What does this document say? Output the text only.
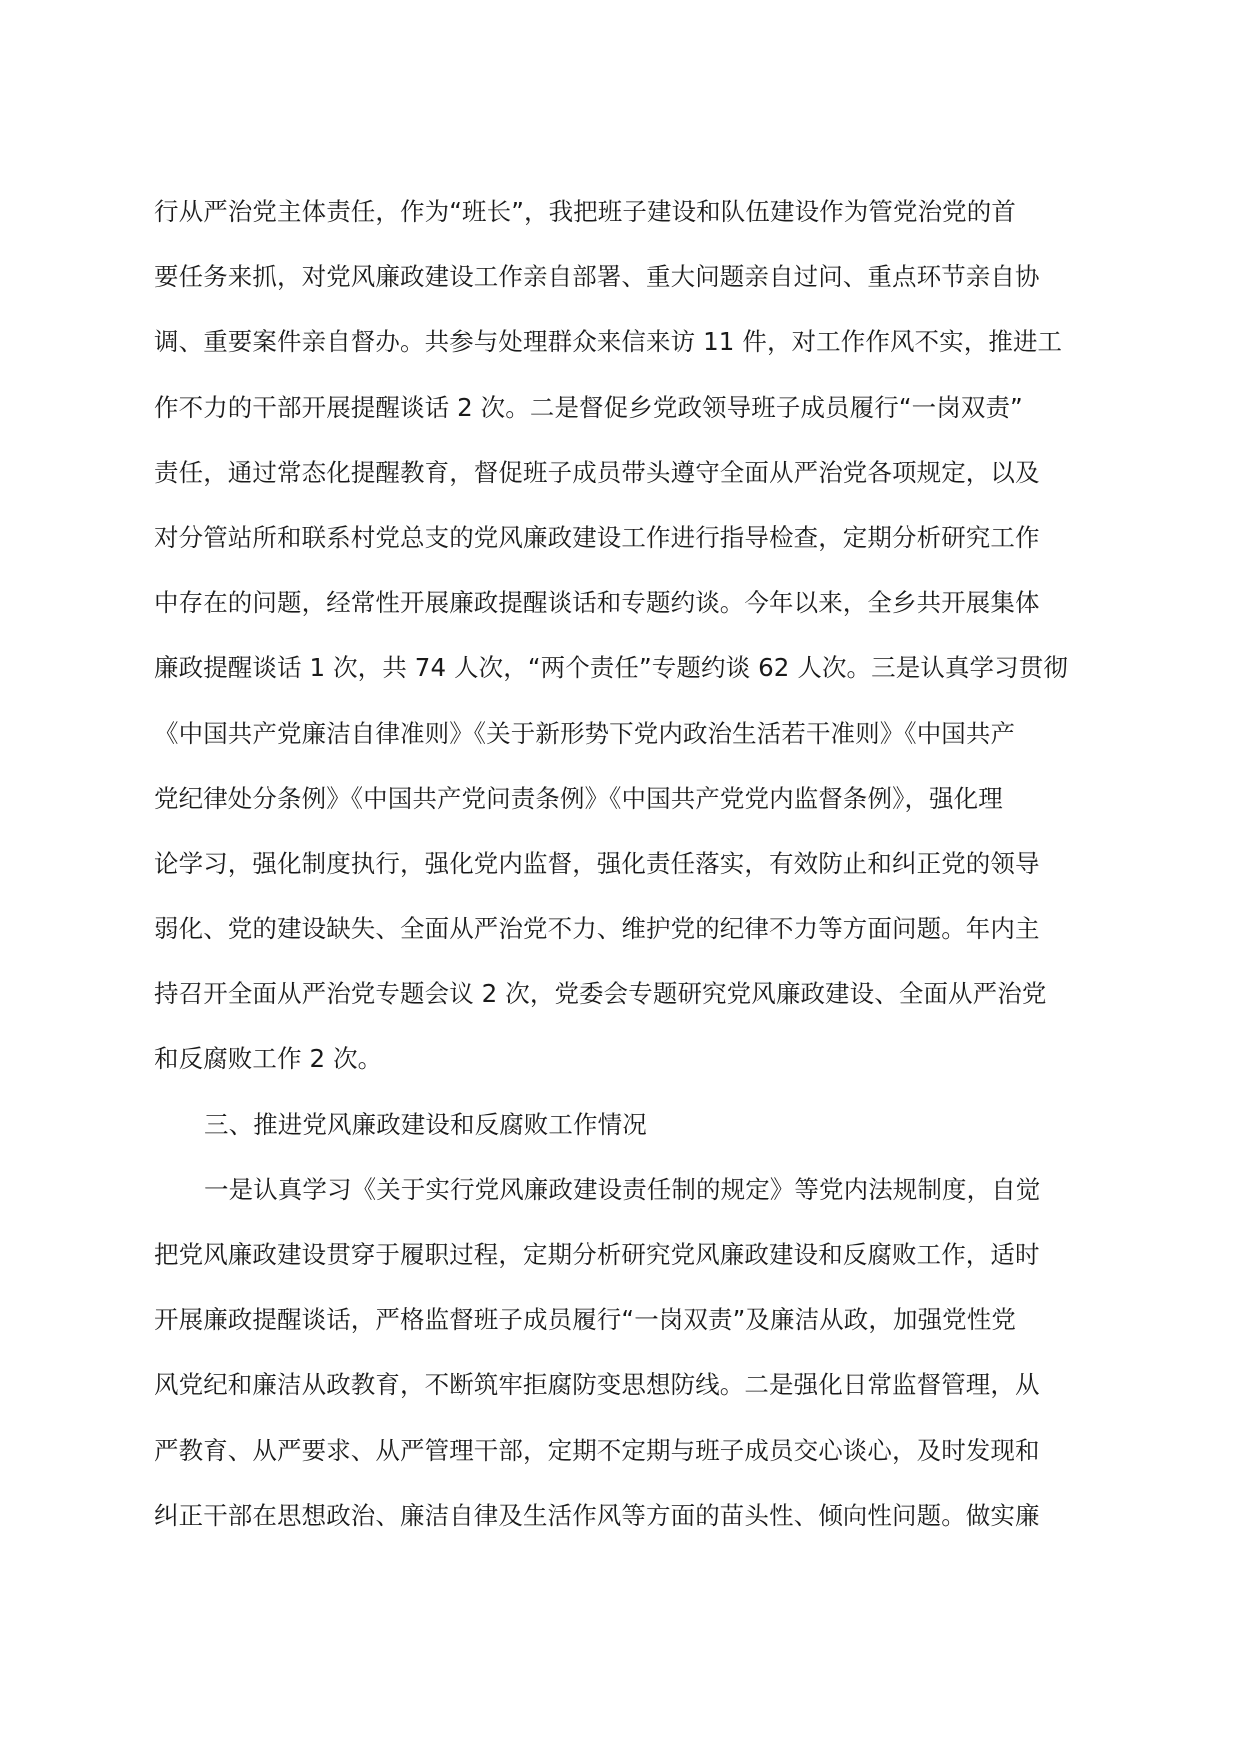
行从严治党主体责任，作为“班长”，我把班子建设和队伍建设作为管党治党的首
要任务来抓，对党风廉政建设工作亲自部署、重大问题亲自过问、重点环节亲自协
调、重要案件亲自督办。共参与处理群众来信来访 11 件，对工作作风不实，推进工
作不力的干部开展提醒谈话 2 次。二是督促乡党政领导班子成员履行“一岗双责”
责任，通过常态化提醒教育，督促班子成员带头遵守全面从严治党各项规定，以及
对分管站所和联系村党总支的党风廉政建设工作进行指导检查，定期分析研究工作
中存在的问题，经常性开展廉政提醒谈话和专题约谈。今年以来，全乡共开展集体
廉政提醒谈话 1 次，共 74 人次，“两个责任”专题约谈 62 人次。三是认真学习贯彻
《中国共产党廉洁自律准则》《关于新形势下党内政治生活若干准则》《中国共产
党纪律处分条例》《中国共产党问责条例》《中国共产党党内监督条例》，强化理
论学习，强化制度执行，强化党内监督，强化责任落实，有效防止和纠正党的领导
弱化、党的建设缺失、全面从严治党不力、维护党的纪律不力等方面问题。年内主
持召开全面从严治党专题会议 2 次，党委会专题研究党风廉政建设、全面从严治党
和反腐败工作 2 次。
三、推进党风廉政建设和反腐败工作情况
一是认真学习《关于实行党风廉政建设责任制的规定》等党内法规制度，自觉
把党风廉政建设贯穿于履职过程，定期分析研究党风廉政建设和反腐败工作，适时
开展廉政提醒谈话，严格监督班子成员履行“一岗双责”及廉洁从政，加强党性党
风党纪和廉洁从政教育，不断筑牢拒腐防变思想防线。二是强化日常监督管理，从
严教育、从严要求、从严管理干部，定期不定期与班子成员交心谈心，及时发现和
纠正干部在思想政治、廉洁自律及生活作风等方面的苗头性、倾向性问题。做实廉
